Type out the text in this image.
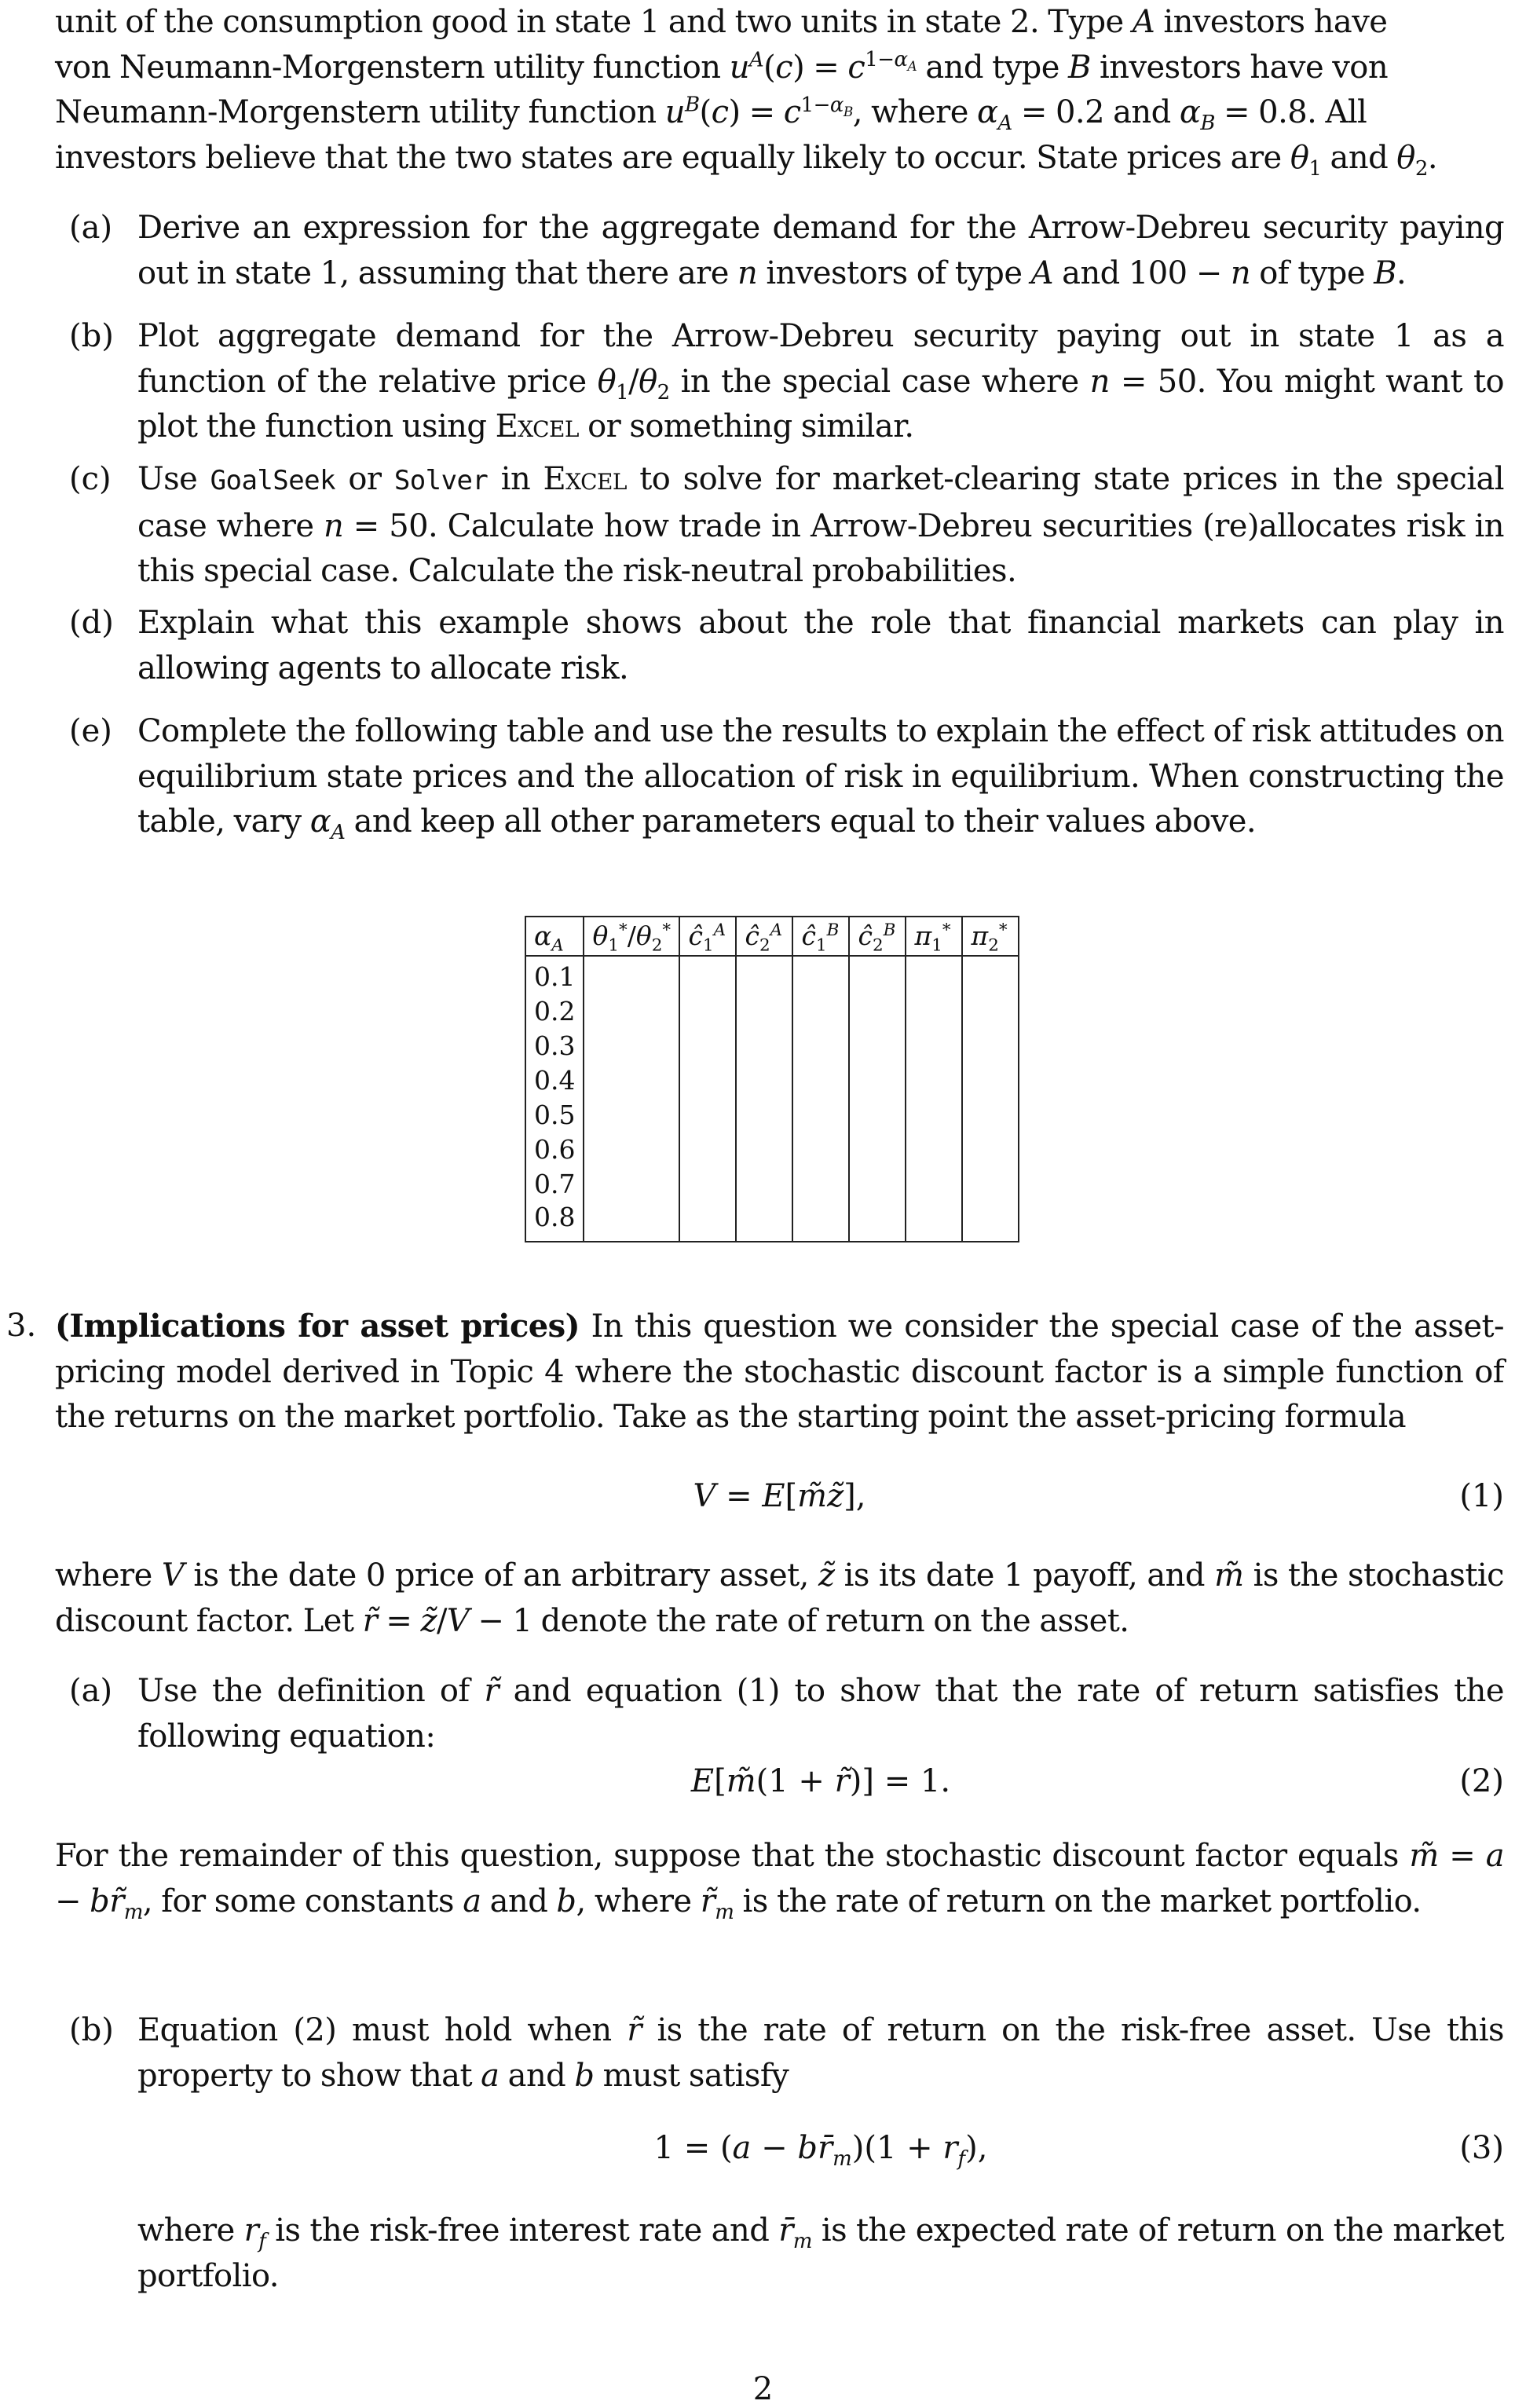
unit of the consumption good in state 1 and two units in state 2. Type A investors have

von Neumann-Morgenstern utility function $u^A(c) = c^{1-\alpha_A}$ and type B investors have von

Neumann-Morgenstern utility function $u^B(c) = c^{1-\alpha_B}$, where $\alpha_A = 0.2$ and $\alpha_B = 0.8$. All

investors believe that the two states are equally likely to occur. State prices are $\theta_1$ and $\theta_2$.

(a) Derive an expression for the aggregate demand for the Arrow-Debreu security paying out in state 1, assuming that there are n investors of type A and 100 − n of type B.
(b) Plot aggregate demand for the Arrow-Debreu security paying out in state 1 as a function of the relative price $\theta_1/\theta_2$ in the special case where n = 50. You might want to plot the function using Excel or something similar.
(c) Use GoalSeek or Solver in Excel to solve for market-clearing state prices in the special case where n = 50. Calculate how trade in Arrow-Debreu securities (re)allocates risk in this special case. Calculate the risk-neutral probabilities.
(d) Explain what this example shows about the role that financial markets can play in allowing agents to allocate risk.
(e) Complete the following table and use the results to explain the effect of risk attitudes on equilibrium state prices and the allocation of risk in equilibrium. When constructing the table, vary $\alpha_A$ and keep all other parameters equal to their values above.
$\alpha_A$	$\theta_1^*/\theta_2^*$	$ĉ_1^A$	$ĉ_2^A$	$ĉ_1^B$	$ĉ_2^B$	$\pi_1^*$	$\pi_2^*$
0.1							
0.2							
0.3							
0.4							
0.5							
0.6							
0.7							
0.8							
3. (Implications for asset prices) In this question we consider the special case of the asset-pricing model derived in Topic 4 where the stochastic discount factor is a simple function of the returns on the market portfolio. Take as the starting point the asset-pricing formula

V = E[m̃z̃],	(1)

where V is the date 0 price of an arbitrary asset, z̃ is its date 1 payoff, and m̃ is the stochastic discount factor. Let r̃ = z̃/V − 1 denote the rate of return on the asset.

(a) Use the definition of r̃ and equation (1) to show that the rate of return satisfies the following equation:
E[m̃(1 + r̃)] = 1.	(2)

For the remainder of this question, suppose that the stochastic discount factor equals m̃ = $a - br̃_m$, for some constants a and b, where $r̃_m$ is the rate of return on the market portfolio.

(b) Equation (2) must hold when r̃ is the rate of return on the risk-free asset. Use this property to show that a and b must satisfy
$1 = (a - br̄_m)(1 + r_f)$,	(3)
where $r_f$ is the risk-free interest rate and $r̄_m$ is the expected rate of return on the market portfolio.
2
